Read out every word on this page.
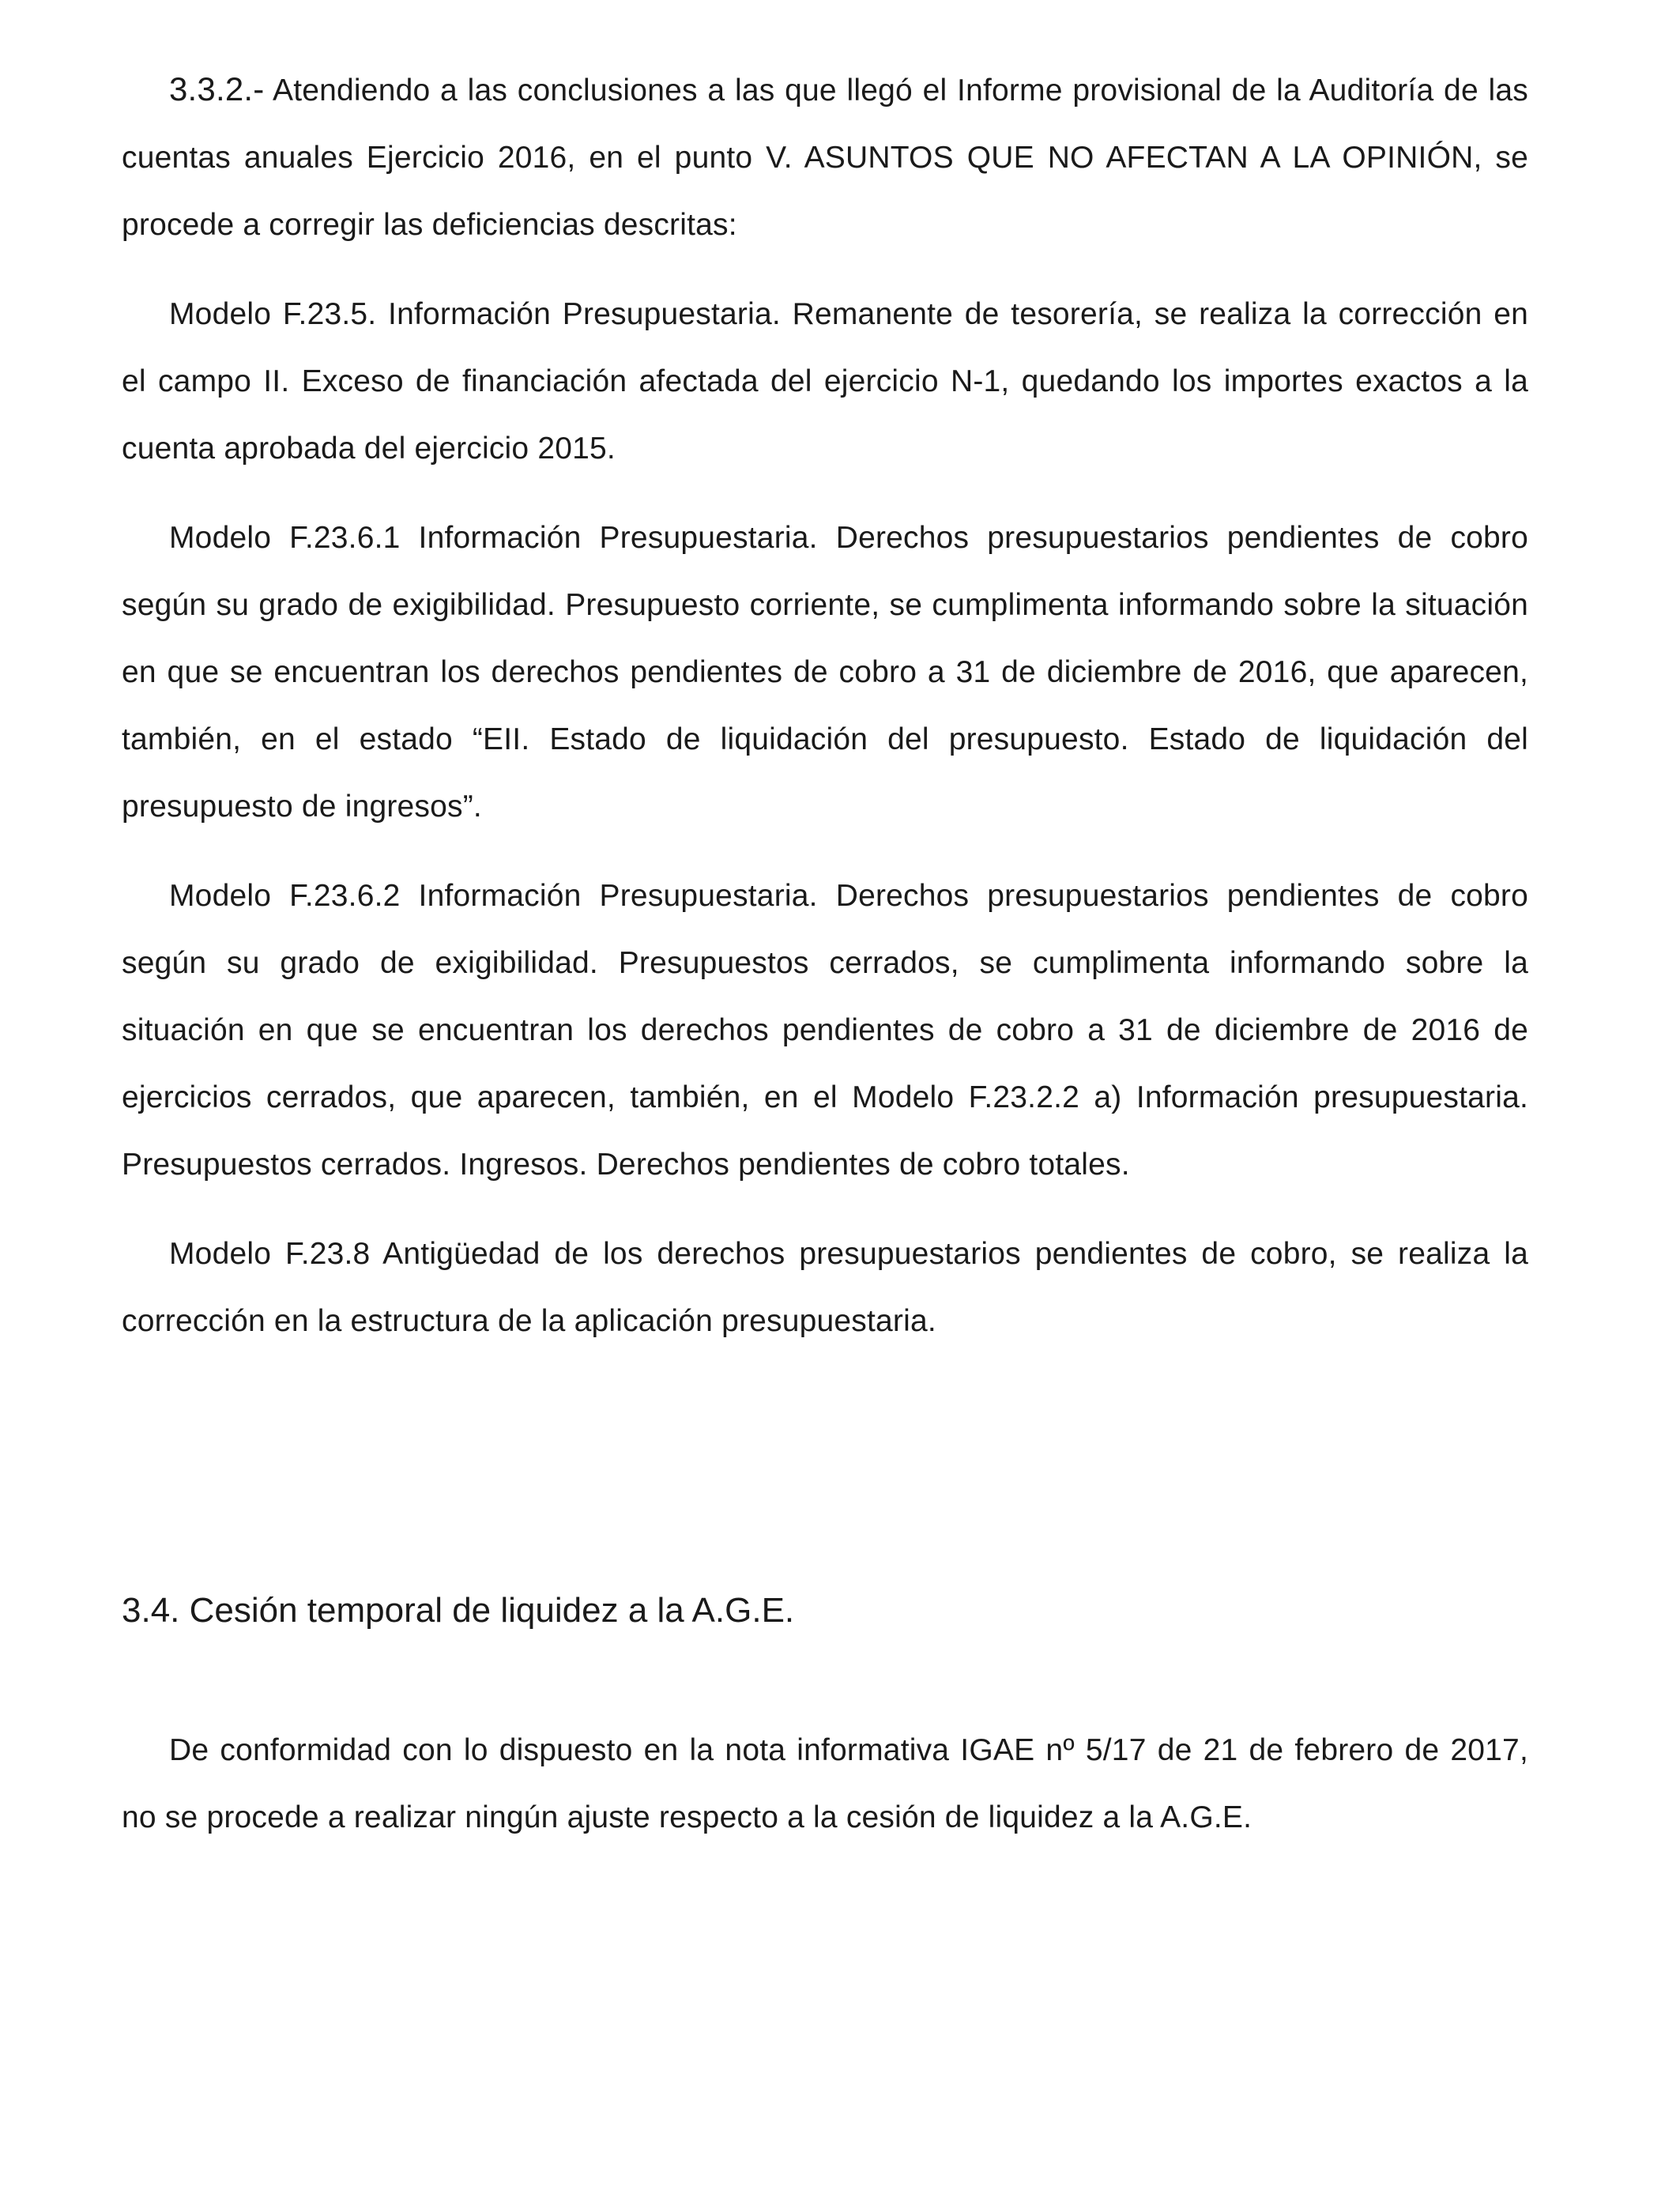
3.3.2.- Atendiendo a las conclusiones a las que llegó el Informe provisional de la Auditoría de las cuentas anuales Ejercicio 2016, en el punto V. ASUNTOS QUE NO AFECTAN A LA OPINIÓN, se procede a corregir las deficiencias descritas:

Modelo F.23.5. Información Presupuestaria. Remanente de tesorería, se realiza la corrección en el campo II. Exceso de financiación afectada del ejercicio N-1, quedando los importes exactos a la cuenta aprobada del ejercicio 2015.

Modelo F.23.6.1 Información Presupuestaria. Derechos presupuestarios pendientes de cobro según su grado de exigibilidad. Presupuesto corriente, se cumplimenta informando sobre la situación en que se encuentran los derechos pendientes de cobro a 31 de diciembre de 2016, que aparecen, también, en el estado “EII. Estado de liquidación del presupuesto. Estado de liquidación del presupuesto de ingresos”.

Modelo F.23.6.2 Información Presupuestaria. Derechos presupuestarios pendientes de cobro según su grado de exigibilidad. Presupuestos cerrados, se cumplimenta informando sobre la situación en que se encuentran los derechos pendientes de cobro a 31 de diciembre de 2016 de ejercicios cerrados, que aparecen, también, en el Modelo F.23.2.2 a) Información presupuestaria. Presupuestos cerrados. Ingresos. Derechos pendientes de cobro totales.

Modelo F.23.8 Antigüedad de los derechos presupuestarios pendientes de cobro, se realiza la corrección en la estructura de la aplicación presupuestaria.

3.4. Cesión temporal de liquidez a la A.G.E.

De conformidad con lo dispuesto en la nota informativa IGAE nº 5/17 de 21 de febrero de 2017, no se procede a realizar ningún ajuste respecto a la cesión de liquidez a la A.G.E.
